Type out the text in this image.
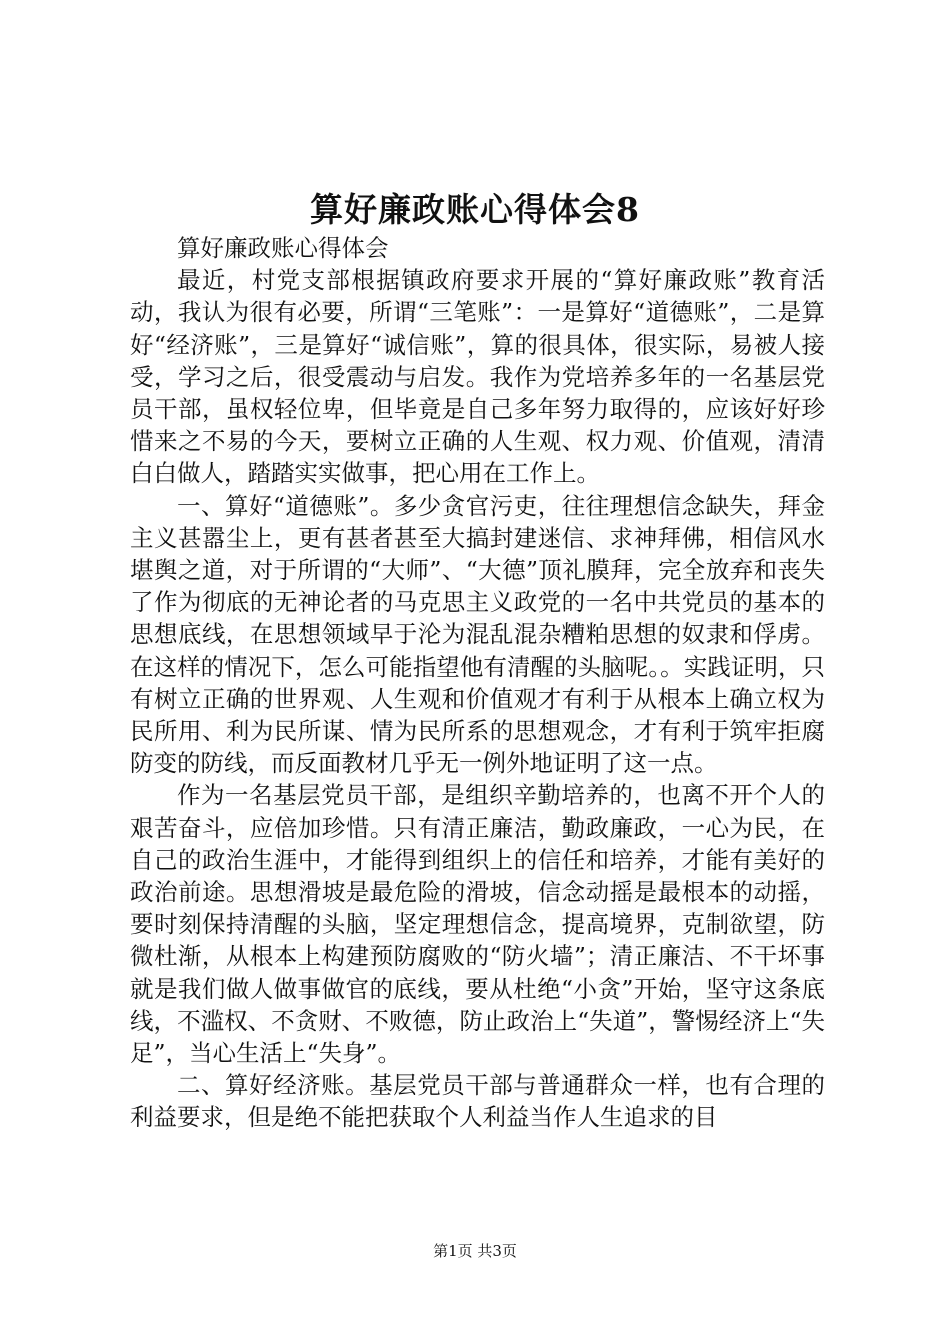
算好廉政账心得体会8

算好廉政账心得体会

最近，村党支部根据镇政府要求开展的“算好廉政账”教育活动，我认为很有必要，所谓“三笔账”：一是算好“道德账”，二是算好“经济账”，三是算好“诚信账”，算的很具体，很实际，易被人接受，学习之后，很受震动与启发。我作为党培养多年的一名基层党员干部，虽权轻位卑，但毕竟是自己多年努力取得的，应该好好珍惜来之不易的今天，要树立正确的人生观、权力观、价值观，清清白白做人，踏踏实实做事，把心用在工作上。

一、算好“道德账”。多少贪官污吏，往往理想信念缺失，拜金主义甚嚣尘上，更有甚者甚至大搞封建迷信、求神拜佛，相信风水堪舆之道，对于所谓的“大师”、“大德”顶礼膜拜，完全放弃和丧失了作为彻底的无神论者的马克思主义政党的一名中共党员的基本的思想底线，在思想领域早于沦为混乱混杂糟粕思想的奴隶和俘虏。在这样的情况下，怎么可能指望他有清醒的头脑呢。。实践证明，只有树立正确的世界观、人生观和价值观才有利于从根本上确立权为民所用、利为民所谋、情为民所系的思想观念，才有利于筑牢拒腐防变的防线，而反面教材几乎无一例外地证明了这一点。

作为一名基层党员干部，是组织辛勤培养的，也离不开个人的艰苦奋斗，应倍加珍惜。只有清正廉洁，勤政廉政，一心为民，在自己的政治生涯中，才能得到组织上的信任和培养，才能有美好的政治前途。思想滑坡是最危险的滑坡，信念动摇是最根本的动摇，要时刻保持清醒的头脑，坚定理想信念，提高境界，克制欲望，防微杜渐，从根本上构建预防腐败的“防火墙”；清正廉洁、不干坏事就是我们做人做事做官的底线，要从杜绝“小贪”开始，坚守这条底线，不滥权、不贪财、不败德，防止政治上“失道”，警惕经济上“失足”，当心生活上“失身”。

二、算好经济账。基层党员干部与普通群众一样，也有合理的利益要求，但是绝不能把获取个人利益当作人生追求的目

第1页 共3页
